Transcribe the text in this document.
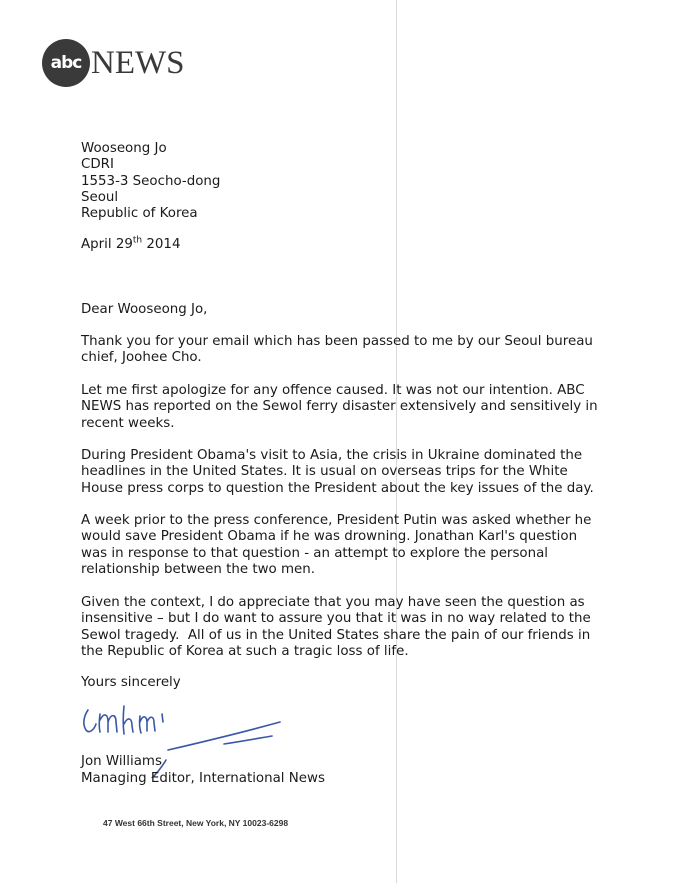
abc NEWS
Wooseong Jo
CDRI
1553-3 Seocho-dong
Seoul
Republic of Korea
April 29th 2014
Dear Wooseong Jo,
Thank you for your email which has been passed to me by our Seoul bureau
chief, Joohee Cho.
Let me first apologize for any offence caused. It was not our intention. ABC
NEWS has reported on the Sewol ferry disaster extensively and sensitively in
recent weeks.
During President Obama's visit to Asia, the crisis in Ukraine dominated the
headlines in the United States. It is usual on overseas trips for the White
House press corps to question the President about the key issues of the day.
A week prior to the press conference, President Putin was asked whether he
would save President Obama if he was drowning. Jonathan Karl's question
was in response to that question - an attempt to explore the personal
relationship between the two men.
Given the context, I do appreciate that you may have seen the question as
insensitive – but I do want to assure you that it was in no way related to the
Sewol tragedy.  All of us in the United States share the pain of our friends in
the Republic of Korea at such a tragic loss of life.
Yours sincerely
Jon Williams
Managing Editor, International News
47 West 66th Street, New York, NY 10023-6298
